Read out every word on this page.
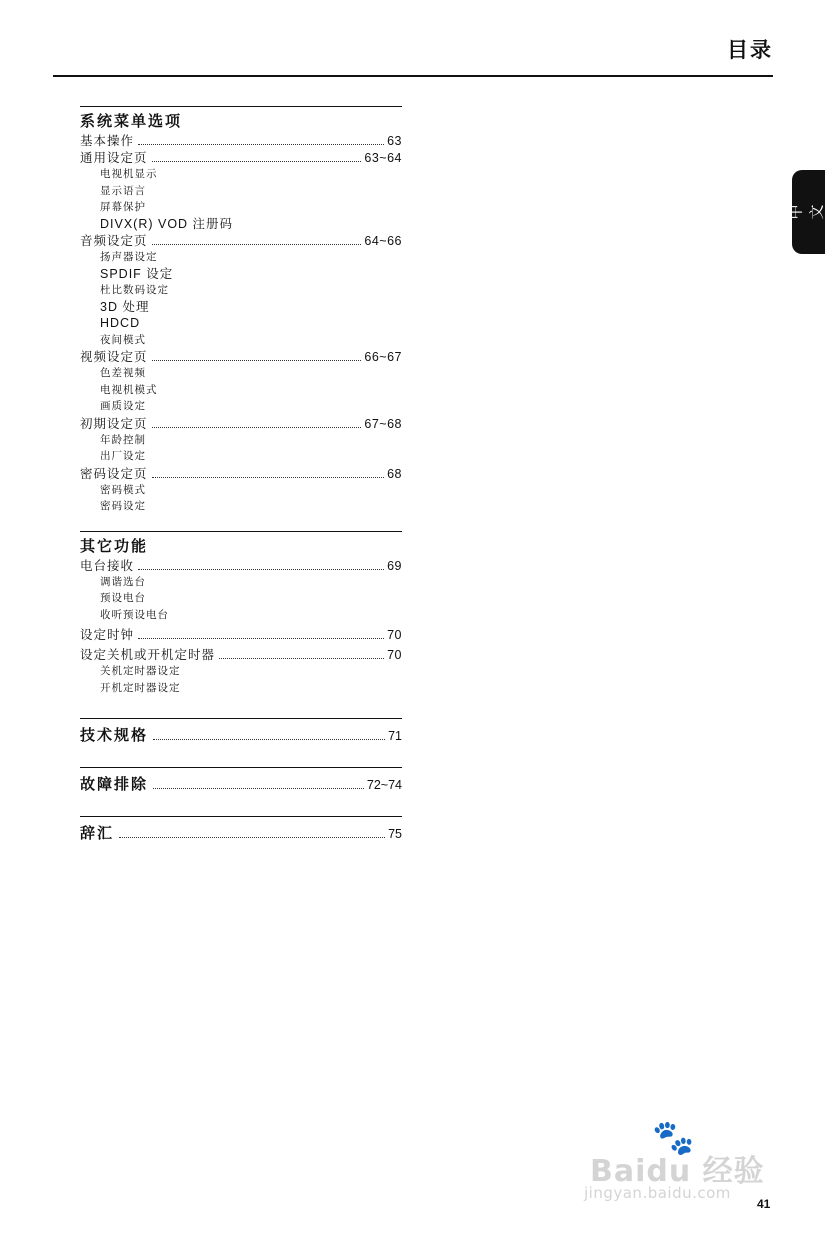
目录
中文
系统菜单选项
基本操作	63
通用设定页	63~64
电视机显示
显示语言
屏幕保护
DIVX(R) VOD 注册码
音频设定页	64~66
扬声器设定
SPDIF 设定
杜比数码设定
3D 处理
HDCD
夜间模式
视频设定页	66~67
色差视频
电视机模式
画质设定
初期设定页	67~68
年龄控制
出厂设定
密码设定页	68
密码模式
密码设定
其它功能
电台接收	69
调谐选台
预设电台
收听预设电台
设定时钟	70
设定关机或开机定时器	70
关机定时器设定
开机定时器设定
技术规格	71
故障排除	72~74
辞汇	75
🐾
Baidu 经验
jingyan.baidu.com
41
